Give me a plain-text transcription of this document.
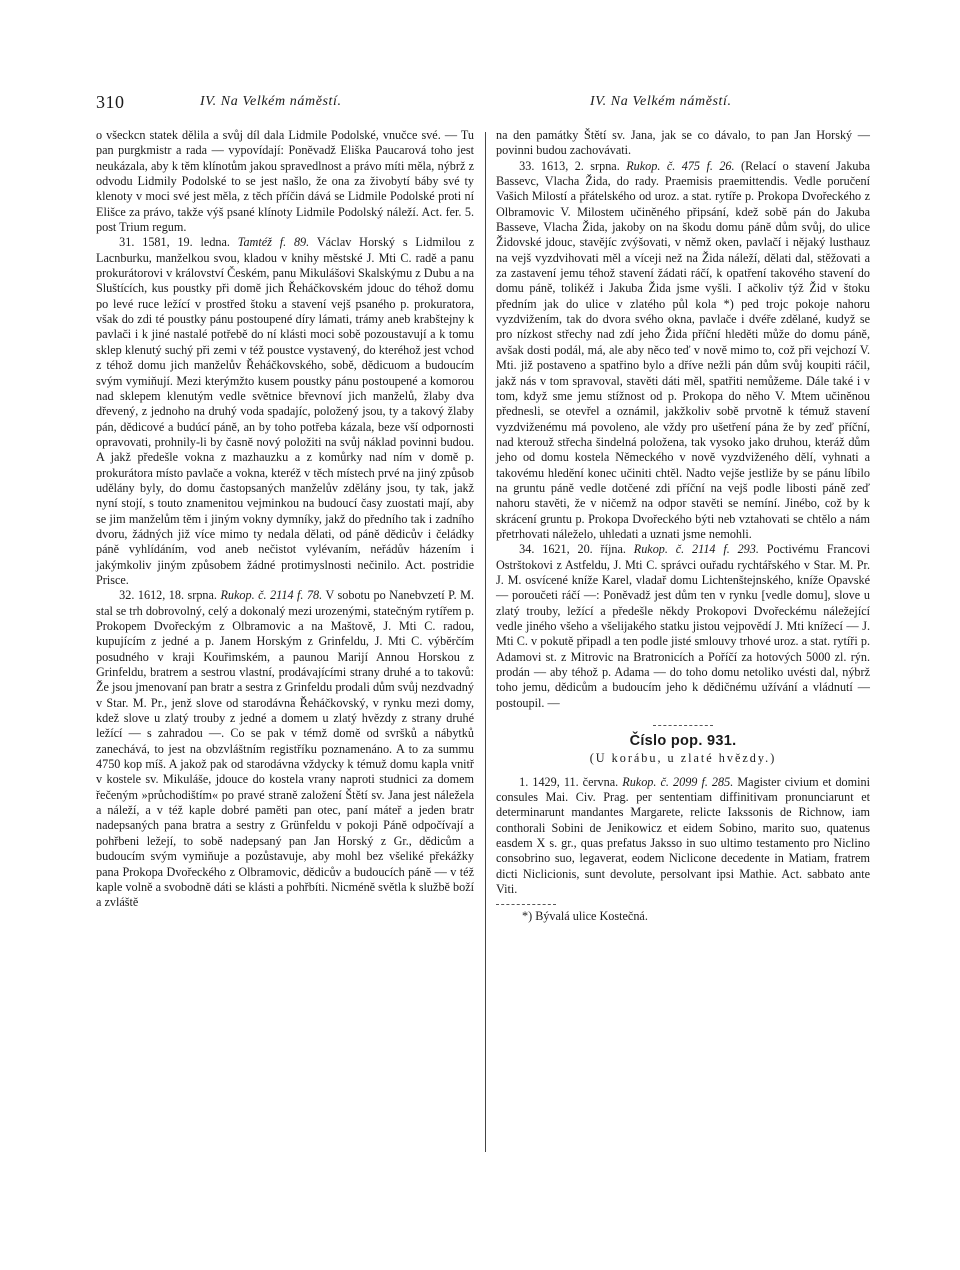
310	IV. Na Velkém náměstí.	IV. Na Velkém náměstí.

o všeckcn statek dělila a svůj díl dala Lidmile Podolské, vnučce své. — Tu pan purgkmistr a rada — vypovídají: Poněvadž Eliška Paucarová toho jest neukázala, aby k těm klínotům jakou spravedlnost a právo míti měla, nýbrž z odvodu Lidmily Podolské to se jest našlo, že ona za živobytí báby své ty klenoty v moci své jest měla, z těch příčin dává se Lidmile Podolské proti ní Elišce za právo, takže výš psané klínoty Lidmile Podolský náleží. Act. fer. 5. post Trium regum.

31. 1581, 19. ledna. Tamtéž f. 89. Václav Horský s Lidmilou z Lacnburku, manželkou svou, kladou v knihy městské J. Mti C. radě a panu prokurátorovi v království Českém, panu Mikulášovi Skalskýmu z Dubu a na Sluštících, kus poustky při domě jich Řeháčkovském jdouc do téhož domu po levé ruce ležící v prostřed štoku a stavení vejš psaného p. prokuratora, však do zdi té poustky pánu postoupené díry lámati, trámy aneb krabštejny k pavlači i k jiné nastalé potřebě do ní klásti moci sobě pozoustavují a k tomu sklep klenutý suchý při zemi v též poustce vystavený, do kteréhož jest vchod z téhož domu jich manželův Řeháčkovského, sobě, dědicuom a budoucím svým vymiňují. Mezi kterýmžto kusem poustky pánu postoupené a komorou nad sklepem klenutým vedle světnice břevnoví jich manželů, žlaby dva dřevený, z jednoho na druhý voda spadajíc, položený jsou, ty a takový žlaby pán, dědicové a budúcí páně, an by toho potřeba kázala, beze vší odpornosti opravovati, prohnily-li by časně nový položiti na svůj náklad povinni budou. A jakž předešle vokna z mazhauzku a z komůrky nad ním v domě p. prokurátora místo pavlače a vokna, kteréž v těch místech prvé na jiný způsob udělány byly, do domu častopsaných manželův zdělány jsou, ty tak, jakž nyní stojí, s touto znamenitou vejminkou na budoucí časy zuostati mají, aby se jim manželům těm i jiným vokny dymníky, jakž do předního tak i zadního dvoru, žádných již více mimo ty nedala dělati, od páně dědicův i čeládky páně vyhlídáním, vod aneb nečistot vylévaním, neřádův házením i jakýmkoliv jiným způsobem žádné protimyslnosti nečinilo. Act. postridie Prisce.

32. 1612, 18. srpna. Rukop. č. 2114 f. 78. V sobotu po Nanebvzetí P. M. stal se trh dobrovolný, celý a dokonalý mezi urozenými, statečným rytířem p. Prokopem Dvořeckým z Olbramovic a na Maštově, J. Mti C. radou, kupujícím z jedné a p. Janem Horským z Grinfeldu, J. Mti C. výběrčím posudného v kraji Kouřimském, a paunou Marijí Annou Horskou z Grinfeldu, bratrem a sestrou vlastní, prodávajícími strany druhé a to takovů: Že jsou jmenovaní pan bratr a sestra z Grinfeldu prodali dům svůj nezdvadný v Star. M. Pr., jenž slove od starodávna Řeháčkovský, v rynku mezi domy, kdež slove u zlatý trouby z jedné a domem u zlatý hvězdy z strany druhé ležící — s zahradou —. Co se pak v témž domě od svršků a nábytků zanechává, to jest na obzvláštním registříku poznamenáno. A to za summu 4750 kop míš. A jakož pak od starodávna vždycky k témuž domu kapla vnitř v kostele sv. Mikuláše, jdouce do kostela vrany naproti studnici za domem řečeným »průchodištím« po pravé straně založení Štětí sv. Jana jest náležela a náleží, a v též kaple dobré paměti pan otec, paní máteř a jeden bratr nadepsaných pana bratra a sestry z Grünfeldu v pokoji Páně odpočívají a pohřbeni ležejí, to sobě nadepsaný pan Jan Horský z Gr., dědicům a budoucím svým vymiňuje a pozůstavuje, aby mohl bez všeliké překážky pana Prokopa Dvořeckého z Olbramovic, dědicův a budoucích páně — v též kaple volně a svobodně dáti se klásti a pohřbíti. Nicméně světla k službě boží a zvláště

na den památky Štětí sv. Jana, jak se co dávalo, to pan Jan Horský — povinni budou zachovávati.

33. 1613, 2. srpna. Rukop. č. 475 f. 26. (Relací o stavení Jakuba Bassevc, Vlacha Žida, do rady. Praemisis praemittendis. Vedle poručení Vašich Milostí a přátelského od uroz. a stat. rytíře p. Prokopa Dvořeckého z Olbramovic V. Milostem učiněného připsání, kdež sobě pán do Jakuba Basseve, Vlacha Žida, jakoby on na škodu domu páně dům svůj, do ulice Židovské jdouc, stavějíc zvýšovati, v němž oken, pavlačí i nějaký lusthauz na vejš vyzdvihovati měl a víceji než na Žida náleží, dělati dal, stěžovati a za zastavení jemu téhož stavení žádati ráčí, k opatření takového stavení do domu páně, tolikéž i Jakuba Žida jsme vyšli. I ačkoliv týž Žid v štoku předním jak do ulice v zlatého půl kola *) ped trojc pokoje nahoru vyzdvižením, tak do dvora svého okna, pavlače i dvéře zdělané, kudyž se pro nízkost střechy nad zdí jeho Žida příční hleděti může do domu páně, avšak dosti podál, má, ale aby něco teď v nově mimo to, což při vejchozí V. Mti. již postaveno a spatřino bylo a dříve nežli pán dům svůj koupiti ráčil, jakž nás v tom spravoval, stavěti dáti měl, spatřiti nemůžeme. Dále také i v tom, když sme jemu stížnost od p. Prokopa do něho V. Mtem učiněnou přednesli, se otevřel a oznámil, jakžkoliv sobě prvotně k témuž stavení vyzdviženému má povoleno, ale vždy pro ušetření pána že by zeď příční, nad kterouž střecha šindelná položena, tak vysoko jako druhou, kteráž dům jeho od domu kostela Německého v nově vyzdviženého dělí, vyhnati a takovému hledění konec učiniti chtěl. Nadto vejše jestliže by se pánu líbilo na gruntu páně vedle dotčené zdi příční na vejš podle libosti páně zeď nahoru stavěti, že v ničemž na odpor stavěti se nemíní. Jinébo, což by k skrácení gruntu p. Prokopa Dvořeckého býti neb vztahovati se chtělo a nám přetrhovati náleželo, uhledati a uznati jsme nemohli.

34. 1621, 20. října. Rukop. č. 2114 f. 293. Poctivému Francovi Ostrštokovi z Astfeldu, J. Mti C. správci ouřadu rychtářského v Star. M. Pr. J. M. osvícené kníže Karel, vladař domu Lichtenštejnského, kníže Opavské — poroučeti ráčí —: Poněvadž jest dům ten v rynku [vedle domu], slove u zlatý trouby, ležící a předešle někdy Prokopovi Dvořeckému náležející vedle jiného všeho a všelijakého statku jistou vejpovědí J. Mti knížecí — J. Mti C. v pokutě připadl a ten podle jisté smlouvy trhové uroz. a stat. rytíři p. Adamovi st. z Mitrovic na Bratronicích a Poříčí za hotových 5000 zl. rýn. prodán — aby téhož p. Adama — do toho domu netoliko uvésti dal, nýbrž toho jemu, dědicům a budoucím jeho k dědičnému užívání a vládnutí — postoupil. —

Číslo pop. 931.
(U korábu, u zlaté hvězdy.)

1. 1429, 11. června. Rukop. č. 2099 f. 285. Magister civium et domini consules Mai. Civ. Prag. per sententiam diffinitivam pronunciarunt et determinarunt mandantes Margarete, relicte Iakssonis de Richnow, iam conthorali Sobini de Jenikowicz et eidem Sobino, marito suo, quatenus easdem X s. gr., quas prefatus Jaksso in suo ultimo testamento pro Niclino consobrino suo, legaverat, eodem Niclicone decedente in Matiam, fratrem dicti Niclicionis, sunt devolute, persolvant ipsi Mathie. Act. sabbato ante Viti.

*) Bývalá ulice Kostečná.
